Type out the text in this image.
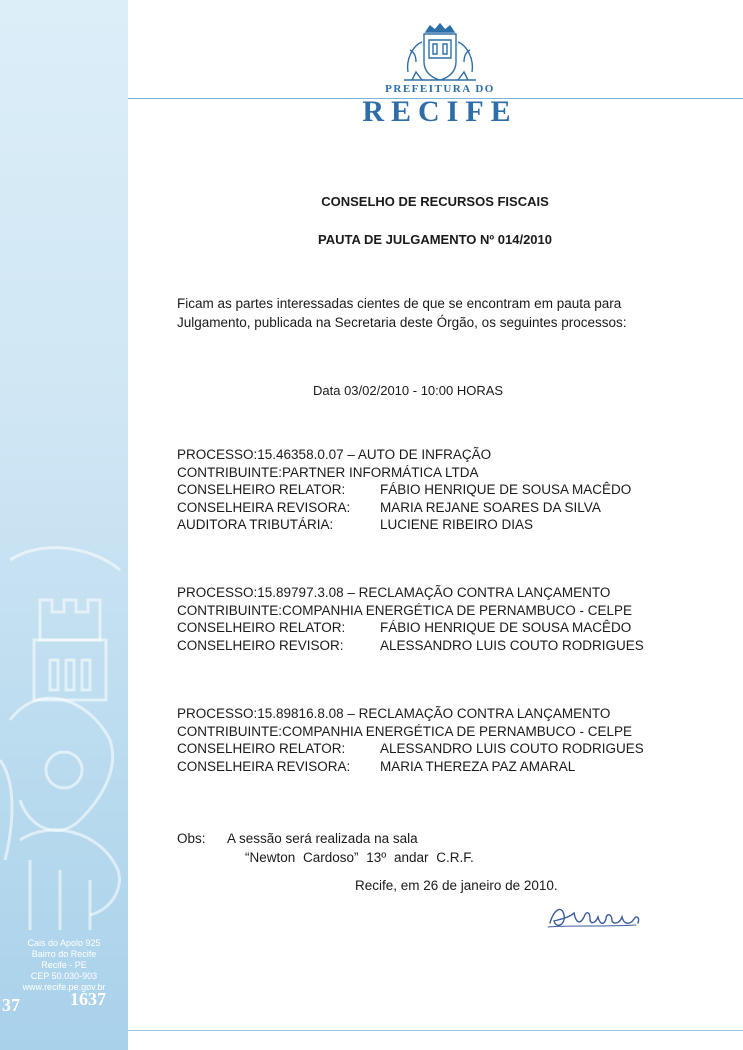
Cais do Apolo 925
Bairro do Recife
Recife - PE
CEP 50.030-903
www.recife.pe.gov.br
37	1637
PREFEITURA DO
RECIFE
CONSELHO DE RECURSOS FISCAIS
PAUTA DE JULGAMENTO Nº 014/2010
Ficam as partes interessadas cientes de que se encontram em pauta para
Julgamento, publicada na Secretaria deste Órgão, os seguintes processos:
Data 03/02/2010 - 10:00 HORAS
PROCESSO:15.46358.0.07 – AUTO DE INFRAÇÃO
CONTRIBUINTE:PARTNER INFORMÁTICA LTDA
CONSELHEIRO RELATOR:	FÁBIO HENRIQUE DE SOUSA MACÊDO
CONSELHEIRA REVISORA: MARIA REJANE SOARES DA SILVA
AUDITORA TRIBUTÁRIA:	LUCIENE RIBEIRO DIAS
PROCESSO:15.89797.3.08 – RECLAMAÇÃO CONTRA LANÇAMENTO
CONTRIBUINTE:COMPANHIA ENERGÉTICA DE PERNAMBUCO - CELPE
CONSELHEIRO RELATOR:	FÁBIO HENRIQUE DE SOUSA MACÊDO
CONSELHEIRO REVISOR:	ALESSANDRO LUIS COUTO RODRIGUES
PROCESSO:15.89816.8.08 – RECLAMAÇÃO CONTRA LANÇAMENTO
CONTRIBUINTE:COMPANHIA ENERGÉTICA DE PERNAMBUCO - CELPE
CONSELHEIRO RELATOR:	ALESSANDRO LUIS COUTO RODRIGUES
CONSELHEIRA REVISORA: MARIA THEREZA PAZ AMARAL
Obs: A sessão será realizada na sala
“Newton Cardoso” 13º andar C.R.F.
Recife, em 26 de janeiro de 2010.
